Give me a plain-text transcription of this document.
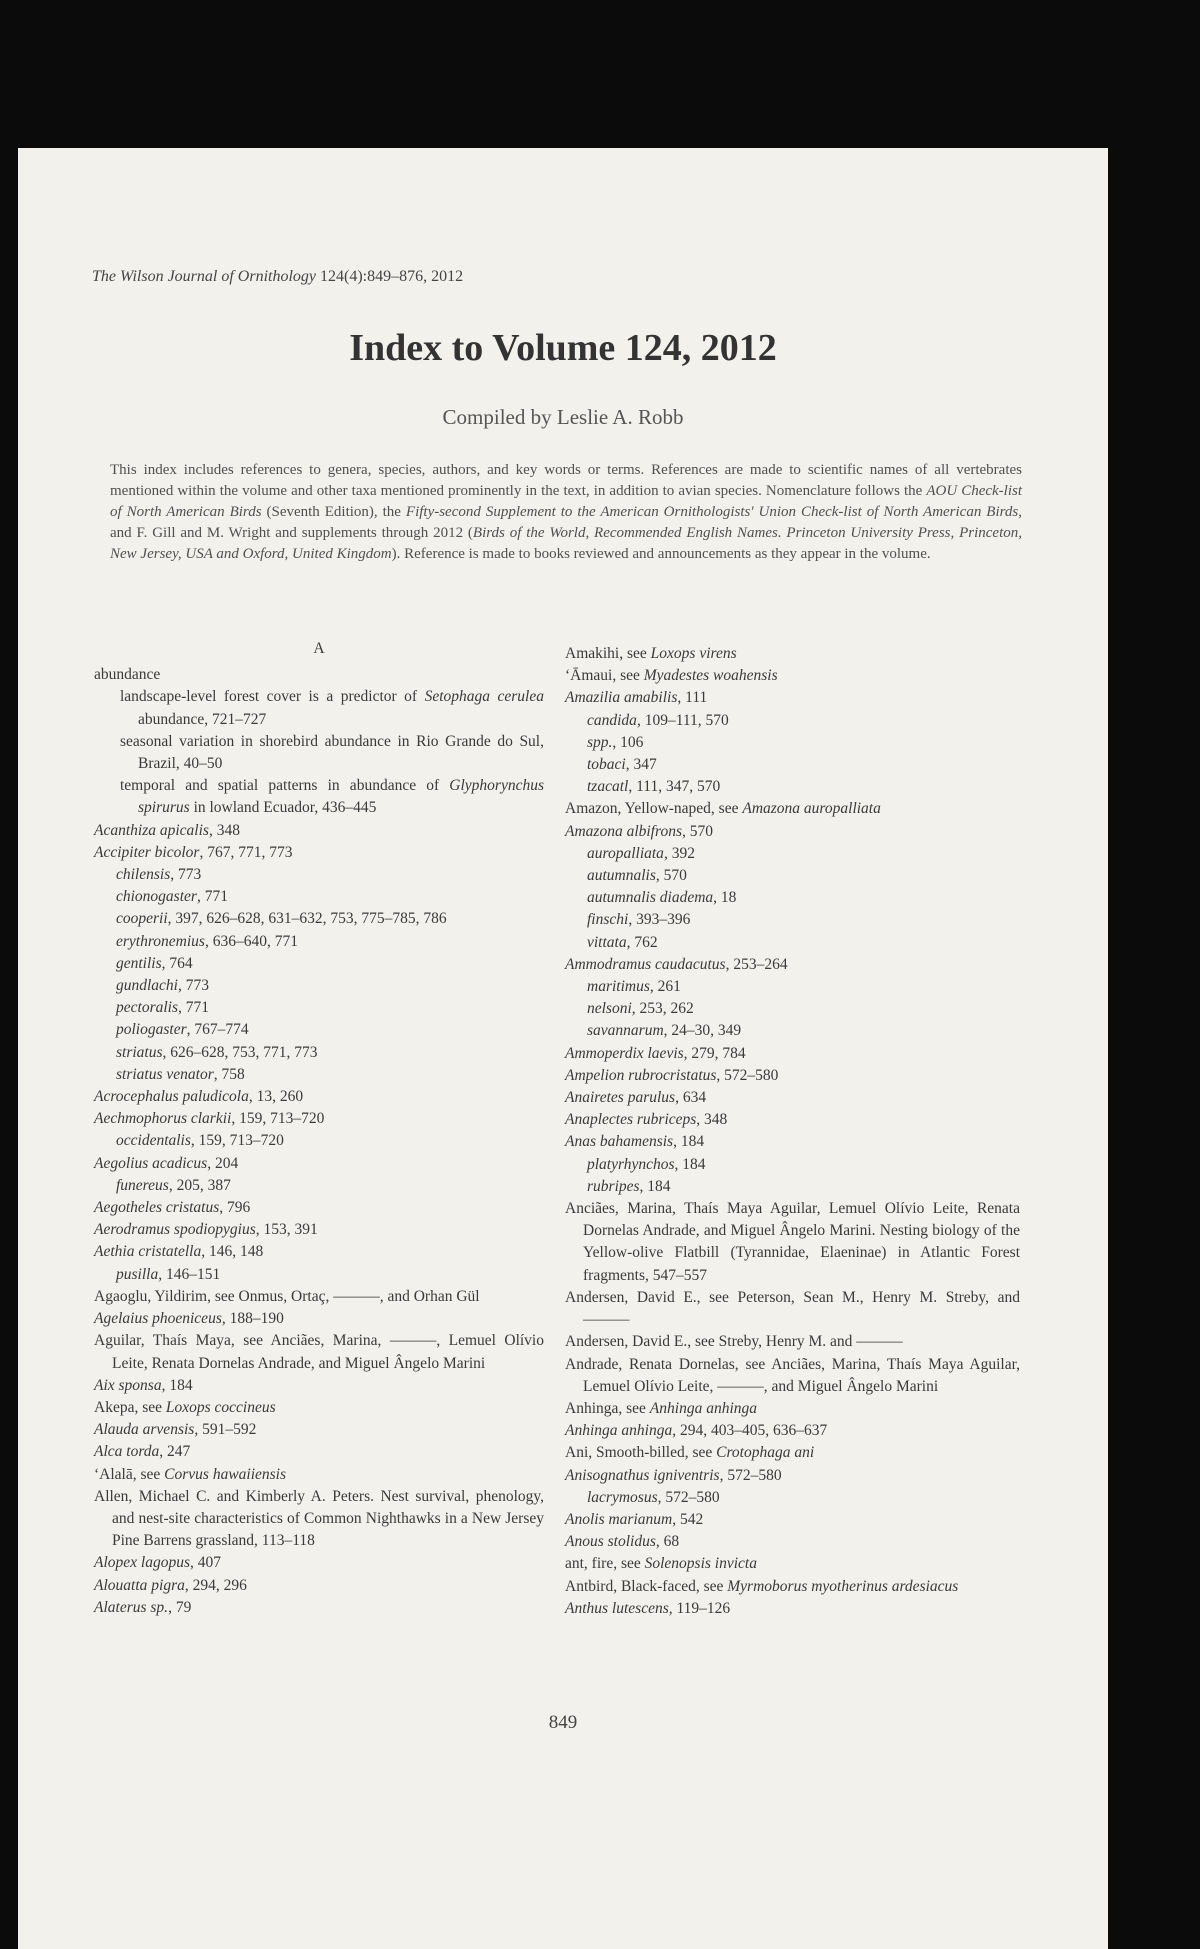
The Wilson Journal of Ornithology 124(4):849–876, 2012
Index to Volume 124, 2012
Compiled by Leslie A. Robb
This index includes references to genera, species, authors, and key words or terms. References are made to scientific names of all vertebrates mentioned within the volume and other taxa mentioned prominently in the text, in addition to avian species. Nomenclature follows the AOU Check-list of North American Birds (Seventh Edition), the Fifty-second Supplement to the American Ornithologists' Union Check-list of North American Birds, and F. Gill and M. Wright and supplements through 2012 (Birds of the World, Recommended English Names. Princeton University Press, Princeton, New Jersey, USA and Oxford, United Kingdom). Reference is made to books reviewed and announcements as they appear in the volume.
A
abundance
landscape-level forest cover is a predictor of Setophaga cerulea abundance, 721–727
seasonal variation in shorebird abundance in Rio Grande do Sul, Brazil, 40–50
temporal and spatial patterns in abundance of Glyphorynchus spirurus in lowland Ecuador, 436–445
Acanthiza apicalis, 348
Accipiter bicolor, 767, 771, 773
chilensis, 773
chionogaster, 771
cooperii, 397, 626–628, 631–632, 753, 775–785, 786
erythronemius, 636–640, 771
gentilis, 764
gundlachi, 773
pectoralis, 771
poliogaster, 767–774
striatus, 626–628, 753, 771, 773
striatus venator, 758
Acrocephalus paludicola, 13, 260
Aechmophorus clarkii, 159, 713–720
occidentalis, 159, 713–720
Aegolius acadicus, 204
funereus, 205, 387
Aegotheles cristatus, 796
Aerodramus spodiopygius, 153, 391
Aethia cristatella, 146, 148
pusilla, 146–151
Agaoglu, Yildirim, see Onmus, Ortaç, ———, and Orhan Gül
Agelaius phoeniceus, 188–190
Aguilar, Thaís Maya, see Anciães, Marina, ———, Lemuel Olívio Leite, Renata Dornelas Andrade, and Miguel Ângelo Marini
Aix sponsa, 184
Akepa, see Loxops coccineus
Alauda arvensis, 591–592
Alca torda, 247
ʻAlalā, see Corvus hawaiiensis
Allen, Michael C. and Kimberly A. Peters. Nest survival, phenology, and nest-site characteristics of Common Nighthawks in a New Jersey Pine Barrens grassland, 113–118
Alopex lagopus, 407
Alouatta pigra, 294, 296
Alaterus sp., 79
Amakihi, see Loxops virens
ʻĀmaui, see Myadestes woahensis
Amazilia amabilis, 111
candida, 109–111, 570
spp., 106
tobaci, 347
tzacatl, 111, 347, 570
Amazon, Yellow-naped, see Amazona auropalliata
Amazona albifrons, 570
auropalliata, 392
autumnalis, 570
autumnalis diadema, 18
finschi, 393–396
vittata, 762
Ammodramus caudacutus, 253–264
maritimus, 261
nelsoni, 253, 262
savannarum, 24–30, 349
Ammoperdix laevis, 279, 784
Ampelion rubrocristatus, 572–580
Anairetes parulus, 634
Anaplectes rubriceps, 348
Anas bahamensis, 184
platyrhynchos, 184
rubripes, 184
Anciães, Marina, Thaís Maya Aguilar, Lemuel Olívio Leite, Renata Dornelas Andrade, and Miguel Ângelo Marini. Nesting biology of the Yellow-olive Flatbill (Tyrannidae, Elaeninae) in Atlantic Forest fragments, 547–557
Andersen, David E., see Peterson, Sean M., Henry M. Streby, and ———
Andersen, David E., see Streby, Henry M. and ———
Andrade, Renata Dornelas, see Anciães, Marina, Thaís Maya Aguilar, Lemuel Olívio Leite, ———, and Miguel Ângelo Marini
Anhinga, see Anhinga anhinga
Anhinga anhinga, 294, 403–405, 636–637
Ani, Smooth-billed, see Crotophaga ani
Anisognathus igniventris, 572–580
lacrymosus, 572–580
Anolis marianum, 542
Anous stolidus, 68
ant, fire, see Solenopsis invicta
Antbird, Black-faced, see Myrmoborus myotherinus ardesiacus
Anthus lutescens, 119–126
849
